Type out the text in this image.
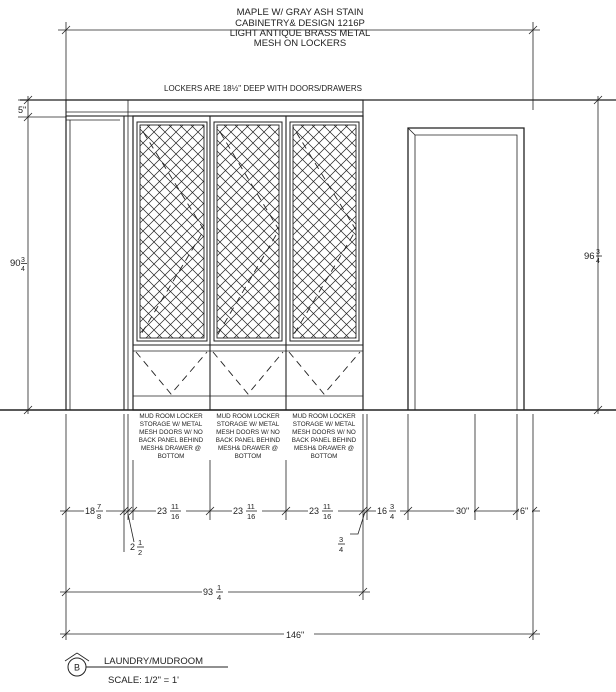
MAPLE W/ GRAY ASH STAIN
CABINETRY& DESIGN 1216P
LIGHT ANTIQUE BRASS METAL
MESH ON LOCKERS
LOCKERS ARE 18½" DEEP WITH DOORS/DRAWERS
5"
90 3
4
96 3
4
MUD ROOM LOCKER
STORAGE W/ METAL
MESH DOORS W/ NO
BACK PANEL BEHIND
MESH& DRAWER @
BOTTOM
MUD ROOM LOCKER
STORAGE W/ METAL
MESH DOORS W/ NO
BACK PANEL BEHIND
MESH& DRAWER @
BOTTOM
MUD ROOM LOCKER
STORAGE W/ METAL
MESH DOORS W/ NO
BACK PANEL BEHIND
MESH& DRAWER @
BOTTOM
18 7
8
23 11
16
23 11
16
23 11
16
16 3
4
30"	6"
2 1
2
3
4
93 1
4
146"
B
LAUNDRY/MUDROOM
SCALE: 1/2" = 1'
